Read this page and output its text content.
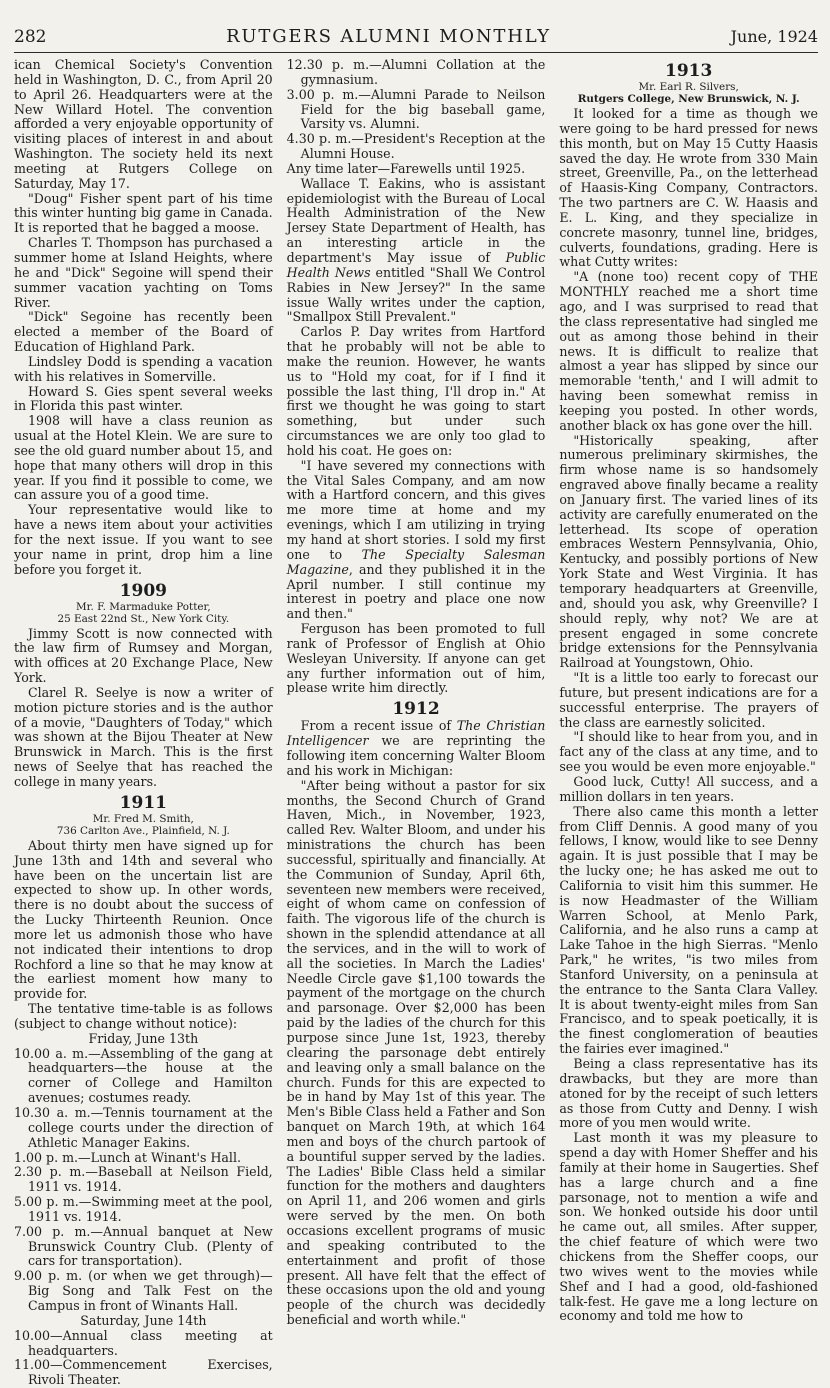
282	RUTGERS ALUMNI MONTHLY	June, 1924

ican Chemical Society's Convention held in Washington, D. C., from April 20 to April 26. Headquarters were at the New Willard Hotel. The convention afforded a very enjoyable opportunity of visiting places of interest in and about Washington. The society held its next meeting at Rutgers College on Saturday, May 17.

"Doug" Fisher spent part of his time this winter hunting big game in Canada. It is reported that he bagged a moose.

Charles T. Thompson has purchased a summer home at Island Heights, where he and "Dick" Segoine will spend their summer vacation yachting on Toms River.

"Dick" Segoine has recently been elected a member of the Board of Education of Highland Park.

Lindsley Dodd is spending a vacation with his relatives in Somerville.

Howard S. Gies spent several weeks in Florida this past winter.

1908 will have a class reunion as usual at the Hotel Klein. We are sure to see the old guard number about 15, and hope that many others will drop in this year. If you find it possible to come, we can assure you of a good time.

Your representative would like to have a news item about your activities for the next issue. If you want to see your name in print, drop him a line before you forget it.

1909
Mr. F. Marmaduke Potter,
25 East 22nd St., New York City.

Jimmy Scott is now connected with the law firm of Rumsey and Morgan, with offices at 20 Exchange Place, New York.

Clarel R. Seelye is now a writer of motion picture stories and is the author of a movie, "Daughters of Today," which was shown at the Bijou Theater at New Brunswick in March. This is the first news of Seelye that has reached the college in many years.

1911
Mr. Fred M. Smith,
736 Carlton Ave., Plainfield, N. J.

About thirty men have signed up for June 13th and 14th and several who have been on the uncertain list are expected to show up. In other words, there is no doubt about the success of the Lucky Thirteenth Reunion. Once more let us admonish those who have not indicated their intentions to drop Rochford a line so that he may know at the earliest moment how many to provide for.

The tentative time-table is as follows (subject to change without notice):

Friday, June 13th

10.00 a. m.—Assembling of the gang at headquarters—the house at the corner of College and Hamilton avenues; costumes ready.

10.30 a. m.—Tennis tournament at the college courts under the direction of Athletic Manager Eakins.

1.00 p. m.—Lunch at Winant's Hall.

2.30 p. m.—Baseball at Neilson Field, 1911 vs. 1914.

5.00 p. m.—Swimming meet at the pool, 1911 vs. 1914.

7.00 p. m.—Annual banquet at New Brunswick Country Club. (Plenty of cars for transportation).

9.00 p. m. (or when we get through)—Big Song and Talk Fest on the Campus in front of Winants Hall.

Saturday, June 14th

10.00—Annual class meeting at headquarters.

11.00—Commencement Exercises, Rivoli Theater.

12.30 p. m.—Alumni Collation at the gymnasium.

3.00 p. m.—Alumni Parade to Neilson Field for the big baseball game, Varsity vs. Alumni.

4.30 p. m.—President's Reception at the Alumni House.

Any time later—Farewells until 1925.

Wallace T. Eakins, who is assistant epidemiologist with the Bureau of Local Health Administration of the New Jersey State Department of Health, has an interesting article in the department's May issue of Public Health News entitled "Shall We Control Rabies in New Jersey?" In the same issue Wally writes under the caption, "Smallpox Still Prevalent."

Carlos P. Day writes from Hartford that he probably will not be able to make the reunion. However, he wants us to "Hold my coat, for if I find it possible the last thing, I'll drop in." At first we thought he was going to start something, but under such circumstances we are only too glad to hold his coat. He goes on:

"I have severed my connections with the Vital Sales Company, and am now with a Hartford concern, and this gives me more time at home and my evenings, which I am utilizing in trying my hand at short stories. I sold my first one to The Specialty Salesman Magazine, and they published it in the April number. I still continue my interest in poetry and place one now and then."

Ferguson has been promoted to full rank of Professor of English at Ohio Wesleyan University. If anyone can get any further information out of him, please write him directly.

1912

From a recent issue of The Christian Intelligencer we are reprinting the following item concerning Walter Bloom and his work in Michigan:

"After being without a pastor for six months, the Second Church of Grand Haven, Mich., in November, 1923, called Rev. Walter Bloom, and under his ministrations the church has been successful, spiritually and financially. At the Communion of Sunday, April 6th, seventeen new members were received, eight of whom came on confession of faith. The vigorous life of the church is shown in the splendid attendance at all the services, and in the will to work of all the societies. In March the Ladies' Needle Circle gave $1,100 towards the payment of the mortgage on the church and parsonage. Over $2,000 has been paid by the ladies of the church for this purpose since June 1st, 1923, thereby clearing the parsonage debt entirely and leaving only a small balance on the church. Funds for this are expected to be in hand by May 1st of this year. The Men's Bible Class held a Father and Son banquet on March 19th, at which 164 men and boys of the church partook of a bountiful supper served by the ladies. The Ladies' Bible Class held a similar function for the mothers and daughters on April 11, and 206 women and girls were served by the men. On both occasions excellent programs of music and speaking contributed to the entertainment and profit of those present. All have felt that the effect of these occasions upon the old and young people of the church was decidedly beneficial and worth while."

1913
Mr. Earl R. Silvers,
Rutgers College, New Brunswick, N. J.

It looked for a time as though we were going to be hard pressed for news this month, but on May 15 Cutty Haasis saved the day. He wrote from 330 Main street, Greenville, Pa., on the letterhead of Haasis-King Company, Contractors. The two partners are C. W. Haasis and E. L. King, and they specialize in concrete masonry, tunnel line, bridges, culverts, foundations, grading. Here is what Cutty writes:

"A (none too) recent copy of THE MONTHLY reached me a short time ago, and I was surprised to read that the class representative had singled me out as among those behind in their news. It is difficult to realize that almost a year has slipped by since our memorable 'tenth,' and I will admit to having been somewhat remiss in keeping you posted. In other words, another black ox has gone over the hill.

"Historically speaking, after numerous preliminary skirmishes, the firm whose name is so handsomely engraved above finally became a reality on January first. The varied lines of its activity are carefully enumerated on the letterhead. Its scope of operation embraces Western Pennsylvania, Ohio, Kentucky, and possibly portions of New York State and West Virginia. It has temporary headquarters at Greenville, and, should you ask, why Greenville? I should reply, why not? We are at present engaged in some concrete bridge extensions for the Pennsylvania Railroad at Youngstown, Ohio.

"It is a little too early to forecast our future, but present indications are for a successful enterprise. The prayers of the class are earnestly solicited.

"I should like to hear from you, and in fact any of the class at any time, and to see you would be even more enjoyable."

Good luck, Cutty! All success, and a million dollars in ten years.

There also came this month a letter from Cliff Dennis. A good many of you fellows, I know, would like to see Denny again. It is just possible that I may be the lucky one; he has asked me out to California to visit him this summer. He is now Headmaster of the William Warren School, at Menlo Park, California, and he also runs a camp at Lake Tahoe in the high Sierras. "Menlo Park," he writes, "is two miles from Stanford University, on a peninsula at the entrance to the Santa Clara Valley. It is about twenty-eight miles from San Francisco, and to speak poetically, it is the finest conglomeration of beauties the fairies ever imagined."

Being a class representative has its drawbacks, but they are more than atoned for by the receipt of such letters as those from Cutty and Denny. I wish more of you men would write.

Last month it was my pleasure to spend a day with Homer Sheffer and his family at their home in Saugerties. Shef has a large church and a fine parsonage, not to mention a wife and son. We honked outside his door until he came out, all smiles. After supper, the chief feature of which were two chickens from the Sheffer coops, our two wives went to the movies while Shef and I had a good, old-fashioned talk-fest. He gave me a long lecture on economy and told me how to
